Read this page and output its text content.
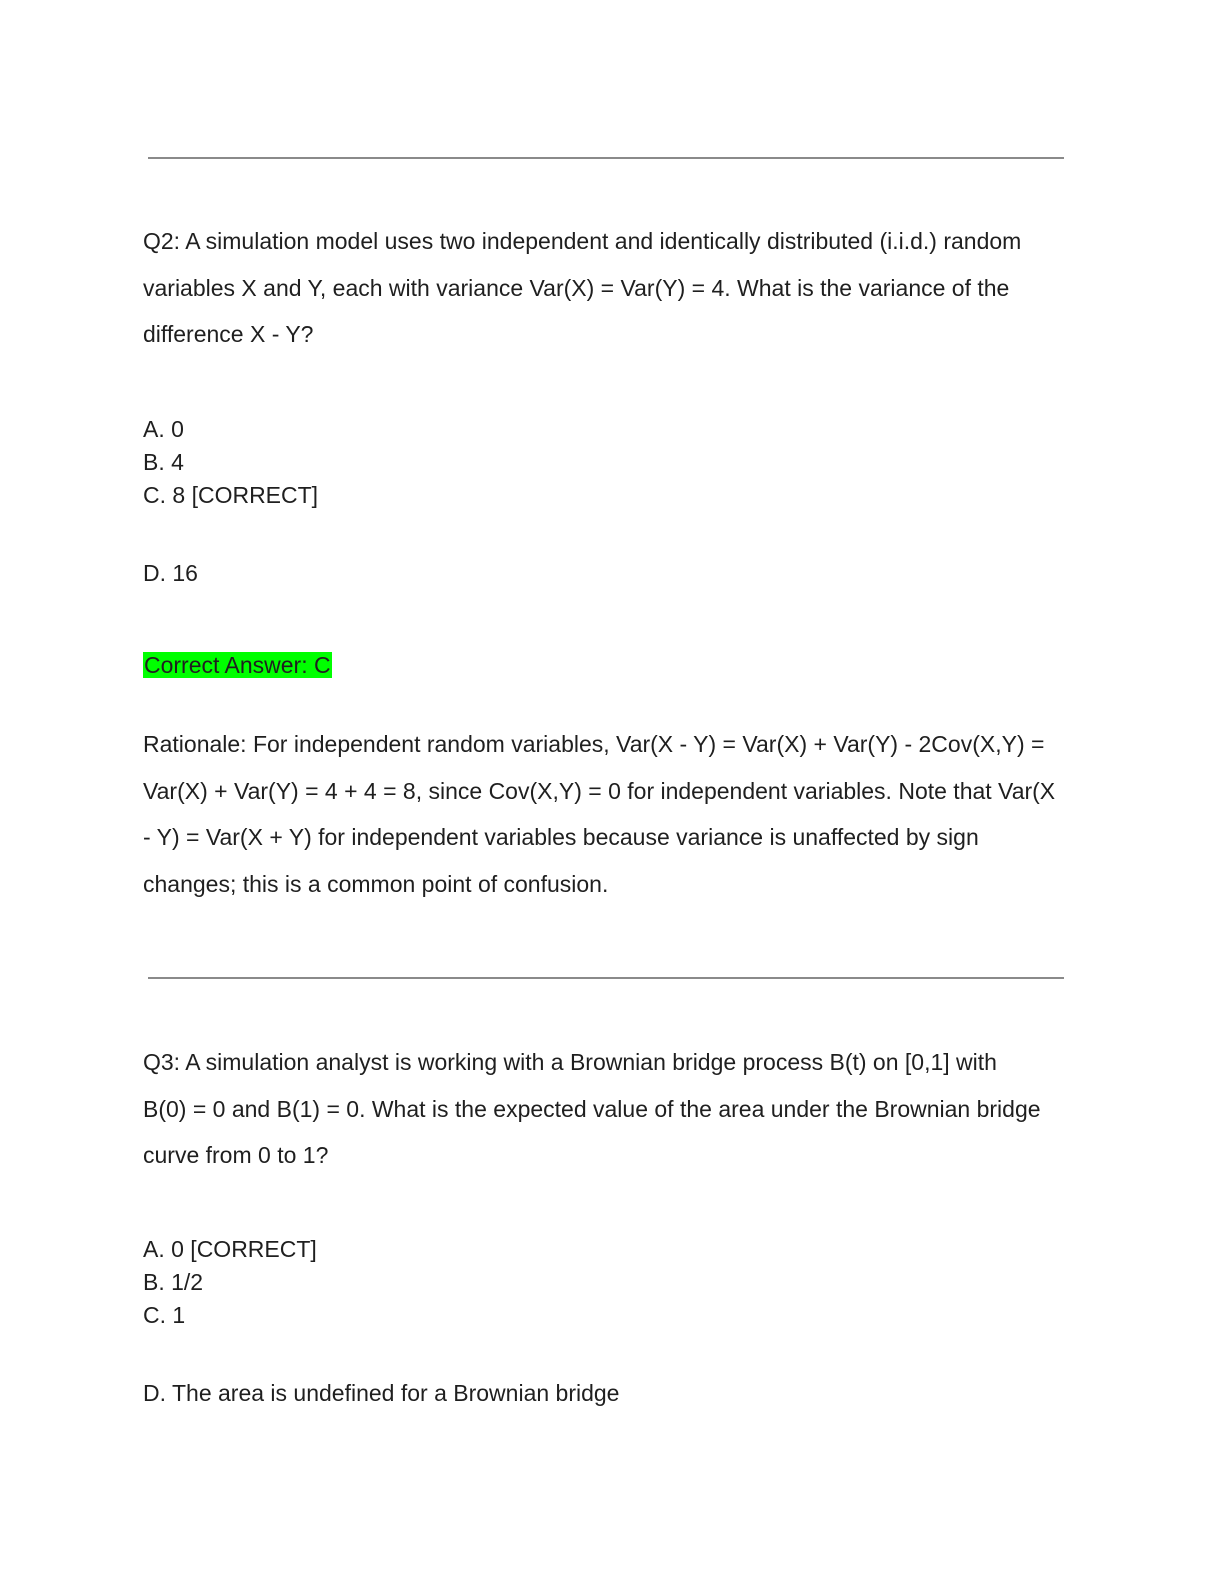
Q2: A simulation model uses two independent and identically distributed (i.i.d.) random
variables X and Y, each with variance Var(X) = Var(Y) = 4. What is the variance of the
difference X - Y?

A. 0

B. 4

C. 8 [CORRECT]

D. 16

Correct Answer: C

Rationale: For independent random variables, Var(X - Y) = Var(X) + Var(Y) - 2Cov(X,Y) =
Var(X) + Var(Y) = 4 + 4 = 8, since Cov(X,Y) = 0 for independent variables. Note that Var(X
- Y) = Var(X + Y) for independent variables because variance is unaffected by sign
changes; this is a common point of confusion.
Q3: A simulation analyst is working with a Brownian bridge process B(t) on [0,1] with
B(0) = 0 and B(1) = 0. What is the expected value of the area under the Brownian bridge
curve from 0 to 1?

A. 0 [CORRECT]

B. 1/2

C. 1

D. The area is undefined for a Brownian bridge
